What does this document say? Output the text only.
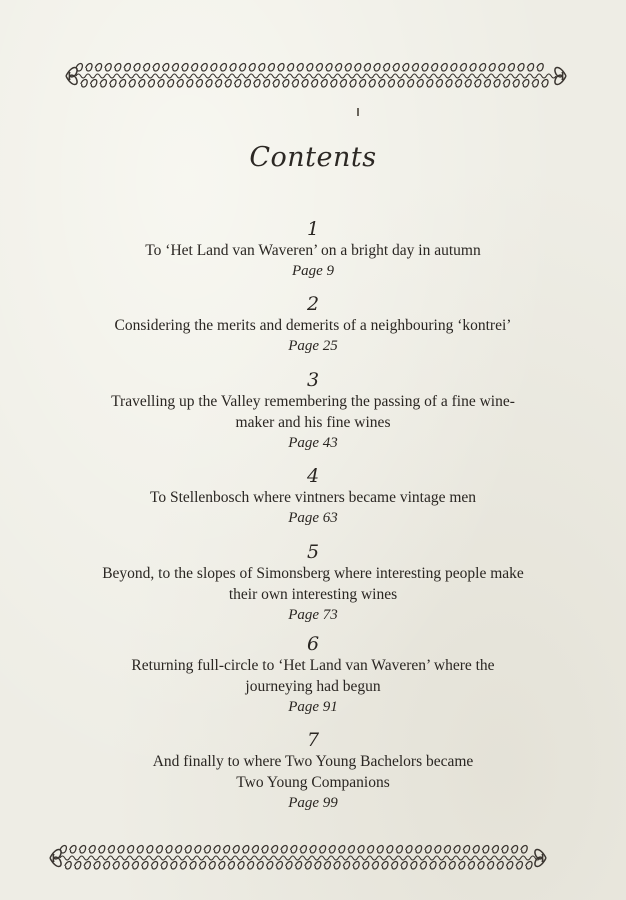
Contents
1
To ‘Het Land van Waveren’ on a bright day in autumn
Page 9
2
Considering the merits and demerits of a neighbouring ‘kontrei’
Page 25
3
Travelling up the Valley remembering the passing of a fine wine-
maker and his fine wines
Page 43
4
To Stellenbosch where vintners became vintage men
Page 63
5
Beyond, to the slopes of Simonsberg where interesting people make
their own interesting wines
Page 73
6
Returning full-circle to ‘Het Land van Waveren’ where the
journeying had begun
Page 91
7
And finally to where Two Young Bachelors became
Two Young Companions
Page 99
